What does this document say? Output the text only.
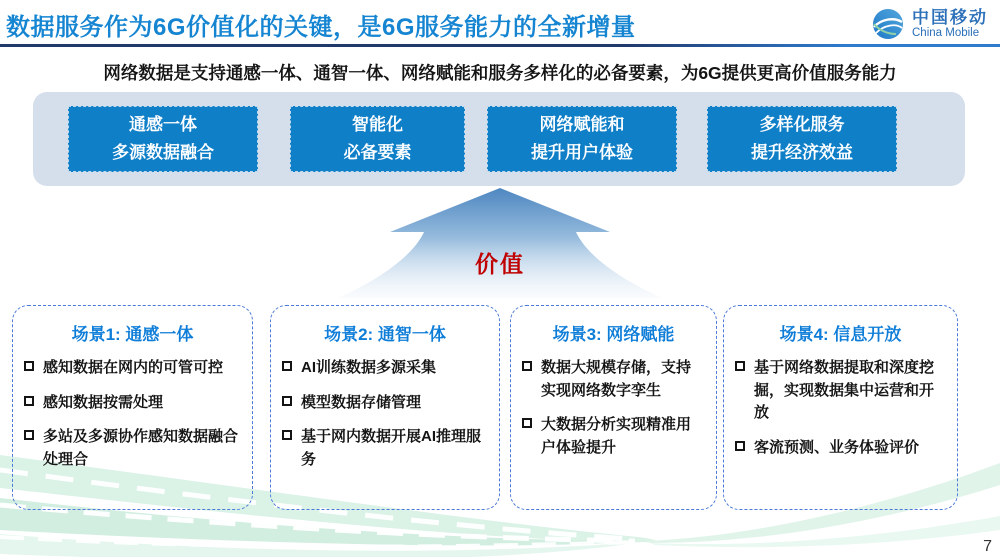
数据服务作为6G价值化的关键，是6G服务能力的全新增量	中国移动
China Mobile
网络数据是支持通感一体、通智一体、网络赋能和服务多样化的必备要素，为6G提供更高价值服务能力
通感一体
多源数据融合
智能化
必备要素
网络赋能和
提升用户体验
多样化服务
提升经济效益
价值
场景1: 通感一体
感知数据在网内的可管可控
感知数据按需处理
多站及多源协作感知数据融合处理合
场景2: 通智一体
AI训练数据多源采集
模型数据存储管理
基于网内数据开展AI推理服务
场景3: 网络赋能
数据大规模存储，支持实现网络数字孪生
大数据分析实现精准用户体验提升
场景4: 信息开放
基于网络数据提取和深度挖掘，实现数据集中运营和开放
客流预测、业务体验评价
7
